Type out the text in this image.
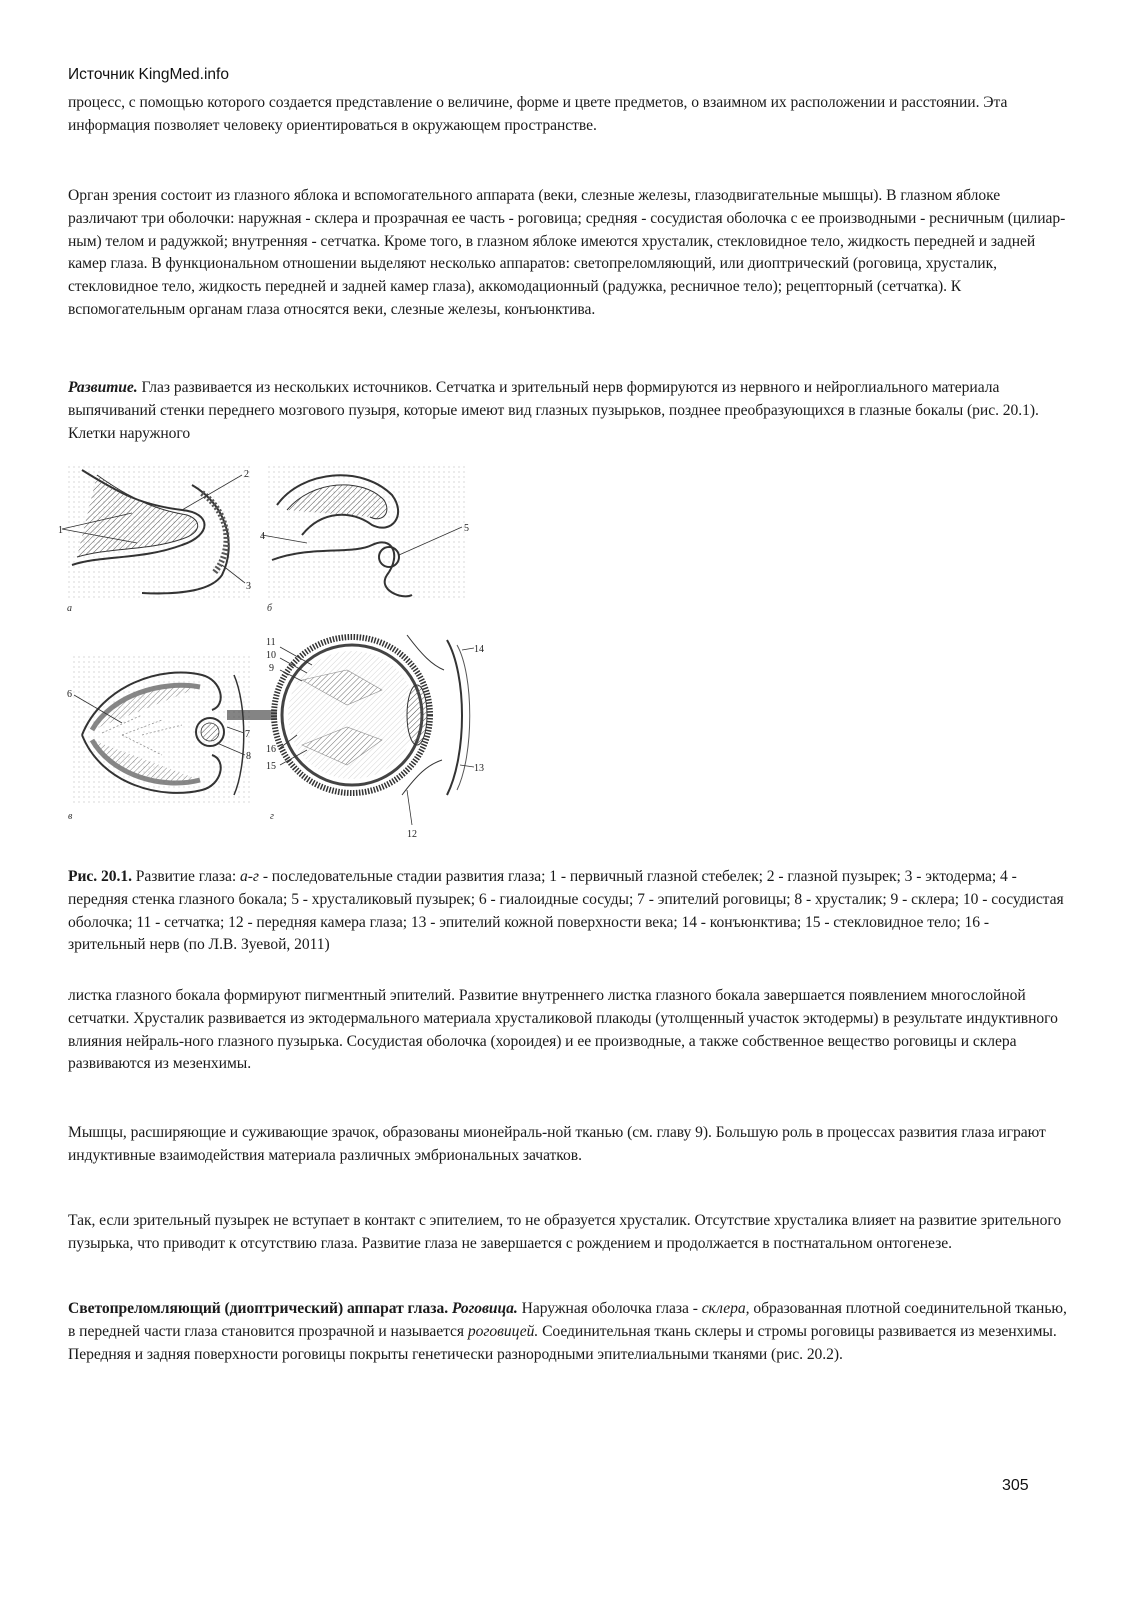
Источник KingMed.info

процесс, с помощью которого создается представление о величине, форме и цвете предметов, о взаимном их расположении и расстоянии. Эта информация позволяет человеку ориентироваться в окружающем пространстве.

Орган зрения состоит из глазного яблока и вспомогательного аппарата (веки, слезные железы, глазодвигательные мышцы). В глазном яблоке различают три оболочки: наружная - склера и прозрачная ее часть - роговица; средняя - сосудистая оболочка с ее производными - ресничным (цилиар-ным) телом и радужкой; внутренняя - сетчатка. Кроме того, в глазном яблоке имеются хрусталик, стекловидное тело, жидкость передней и задней камер глаза. В функциональном отношении выделяют несколько аппаратов: светопреломляющий, или диоптрический (роговица, хрусталик, стекловидное тело, жидкость передней и задней камер глаза), аккомодационный (радужка, ресничное тело); рецепторный (сетчатка). К вспомогательным органам глаза относятся веки, слезные железы, конъюнктива.

Развитие. Глаз развивается из нескольких источников. Сетчатка и зрительный нерв формируются из нервного и нейроглиального материала выпячиваний стенки переднего мозгового пузыря, которые имеют вид глазных пузырьков, позднее преобразующихся в глазные бокалы (рис. 20.1). Клетки наружного

1
2
3
а
4
5
б
6
7
8
в
11
10
9
16
15
12
13
14
г

Рис. 20.1. Развитие глаза: а-г - последовательные стадии развития глаза; 1 - первичный глазной стебелек; 2 - глазной пузырек; 3 - эктодерма; 4 - передняя стенка глазного бокала; 5 - хрусталиковый пузырек; 6 - гиалоидные сосуды; 7 - эпителий роговицы; 8 - хрусталик; 9 - склера; 10 - сосудистая оболочка; 11 - сетчатка; 12 - передняя камера глаза; 13 - эпителий кожной поверхности века; 14 - конъюнктива; 15 - стекловидное тело; 16 - зрительный нерв (по Л.В. Зуевой, 2011)

листка глазного бокала формируют пигментный эпителий. Развитие внутреннего листка глазного бокала завершается появлением многослойной сетчатки. Хрусталик развивается из эктодермального материала хрусталиковой плакоды (утолщенный участок эктодермы) в результате индуктивного влияния нейраль-ного глазного пузырька. Сосудистая оболочка (хороидея) и ее производные, а также собственное вещество роговицы и склера развиваются из мезенхимы.

Мышцы, расширяющие и суживающие зрачок, образованы мионейраль-ной тканью (см. главу 9). Большую роль в процессах развития глаза играют индуктивные взаимодействия материала различных эмбриональных зачатков.

Так, если зрительный пузырек не вступает в контакт с эпителием, то не образуется хрусталик. Отсутствие хрусталика влияет на развитие зрительного пузырька, что приводит к отсутствию глаза. Развитие глаза не завершается с рождением и продолжается в постнатальном онтогенезе.

Светопреломляющий (диоптрический) аппарат глаза. Роговица. Наружная оболочка глаза - склера, образованная плотной соединительной тканью, в передней части глаза становится прозрачной и называется роговицей. Соединительная ткань склеры и стромы роговицы развивается из мезенхимы. Передняя и задняя поверхности роговицы покрыты генетически разнородными эпителиальными тканями (рис. 20.2).

305
